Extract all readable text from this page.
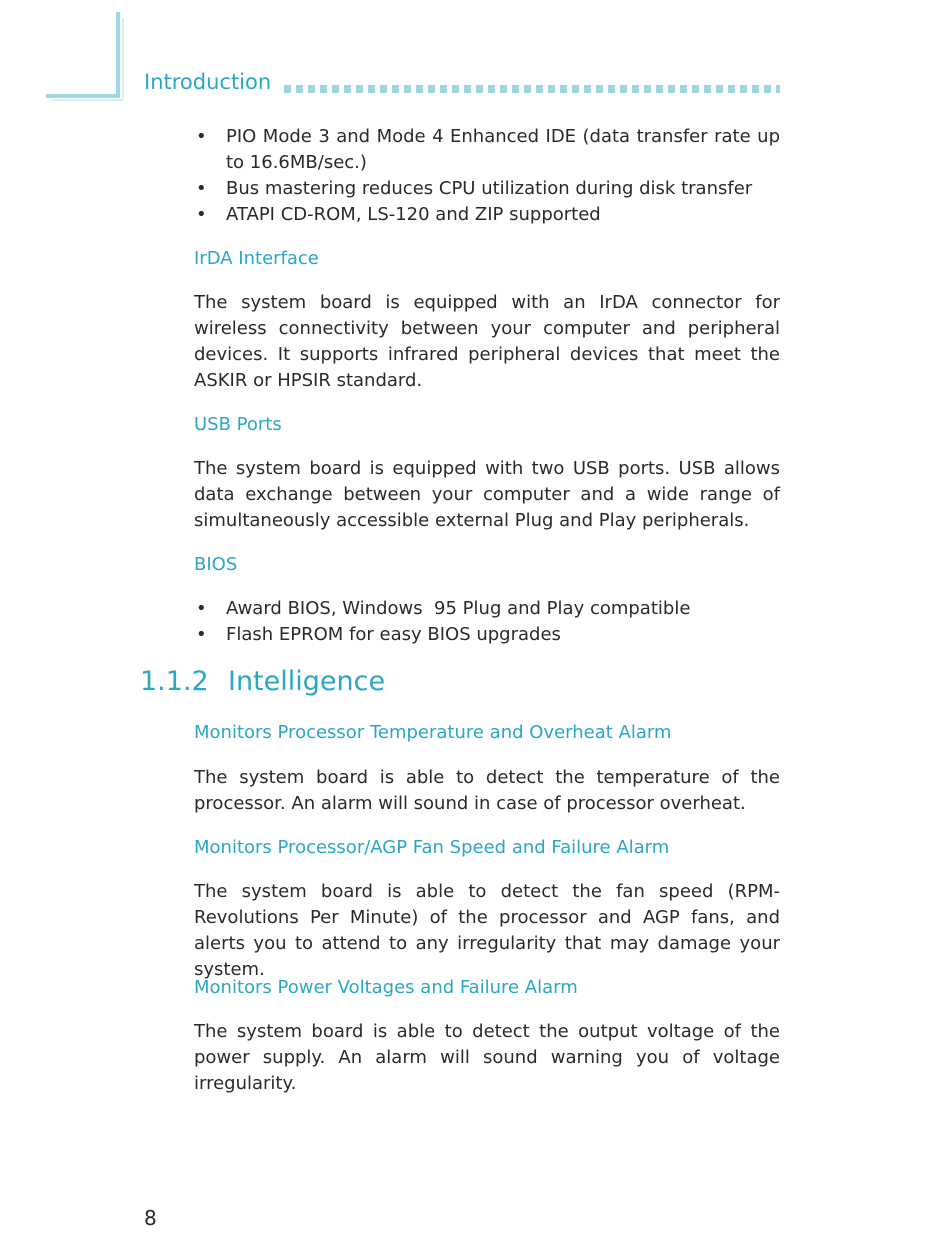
Introduction
• PIO Mode 3 and Mode 4 Enhanced IDE (data transfer rate up to 16.6MB/sec.)
• Bus mastering reduces CPU utilization during disk transfer
• ATAPI CD-ROM, LS-120 and ZIP supported
IrDA Interface
The system board is equipped with an IrDA connector for wireless connectivity between your computer and peripheral devices. It supports infrared peripheral devices that meet the ASKIR or HPSIR standard.
USB Ports
The system board is equipped with two USB ports. USB allows data exchange between your computer and a wide range of simultaneously accessible external Plug and Play peripherals.
BIOS
• Award BIOS, Windows  95 Plug and Play compatible
• Flash EPROM for easy BIOS upgrades
1.1.2 Intelligence
Monitors Processor Temperature and Overheat Alarm
The system board is able to detect the temperature of the processor. An alarm will sound in case of processor overheat.
Monitors Processor/AGP Fan Speed and Failure Alarm
The system board is able to detect the fan speed (RPM-Revolutions Per Minute) of the processor and AGP fans, and alerts you to attend to any irregularity that may damage your system.
Monitors Power Voltages and Failure Alarm
The system board is able to detect the output voltage of the power supply. An alarm will sound warning you of voltage irregularity.
8
